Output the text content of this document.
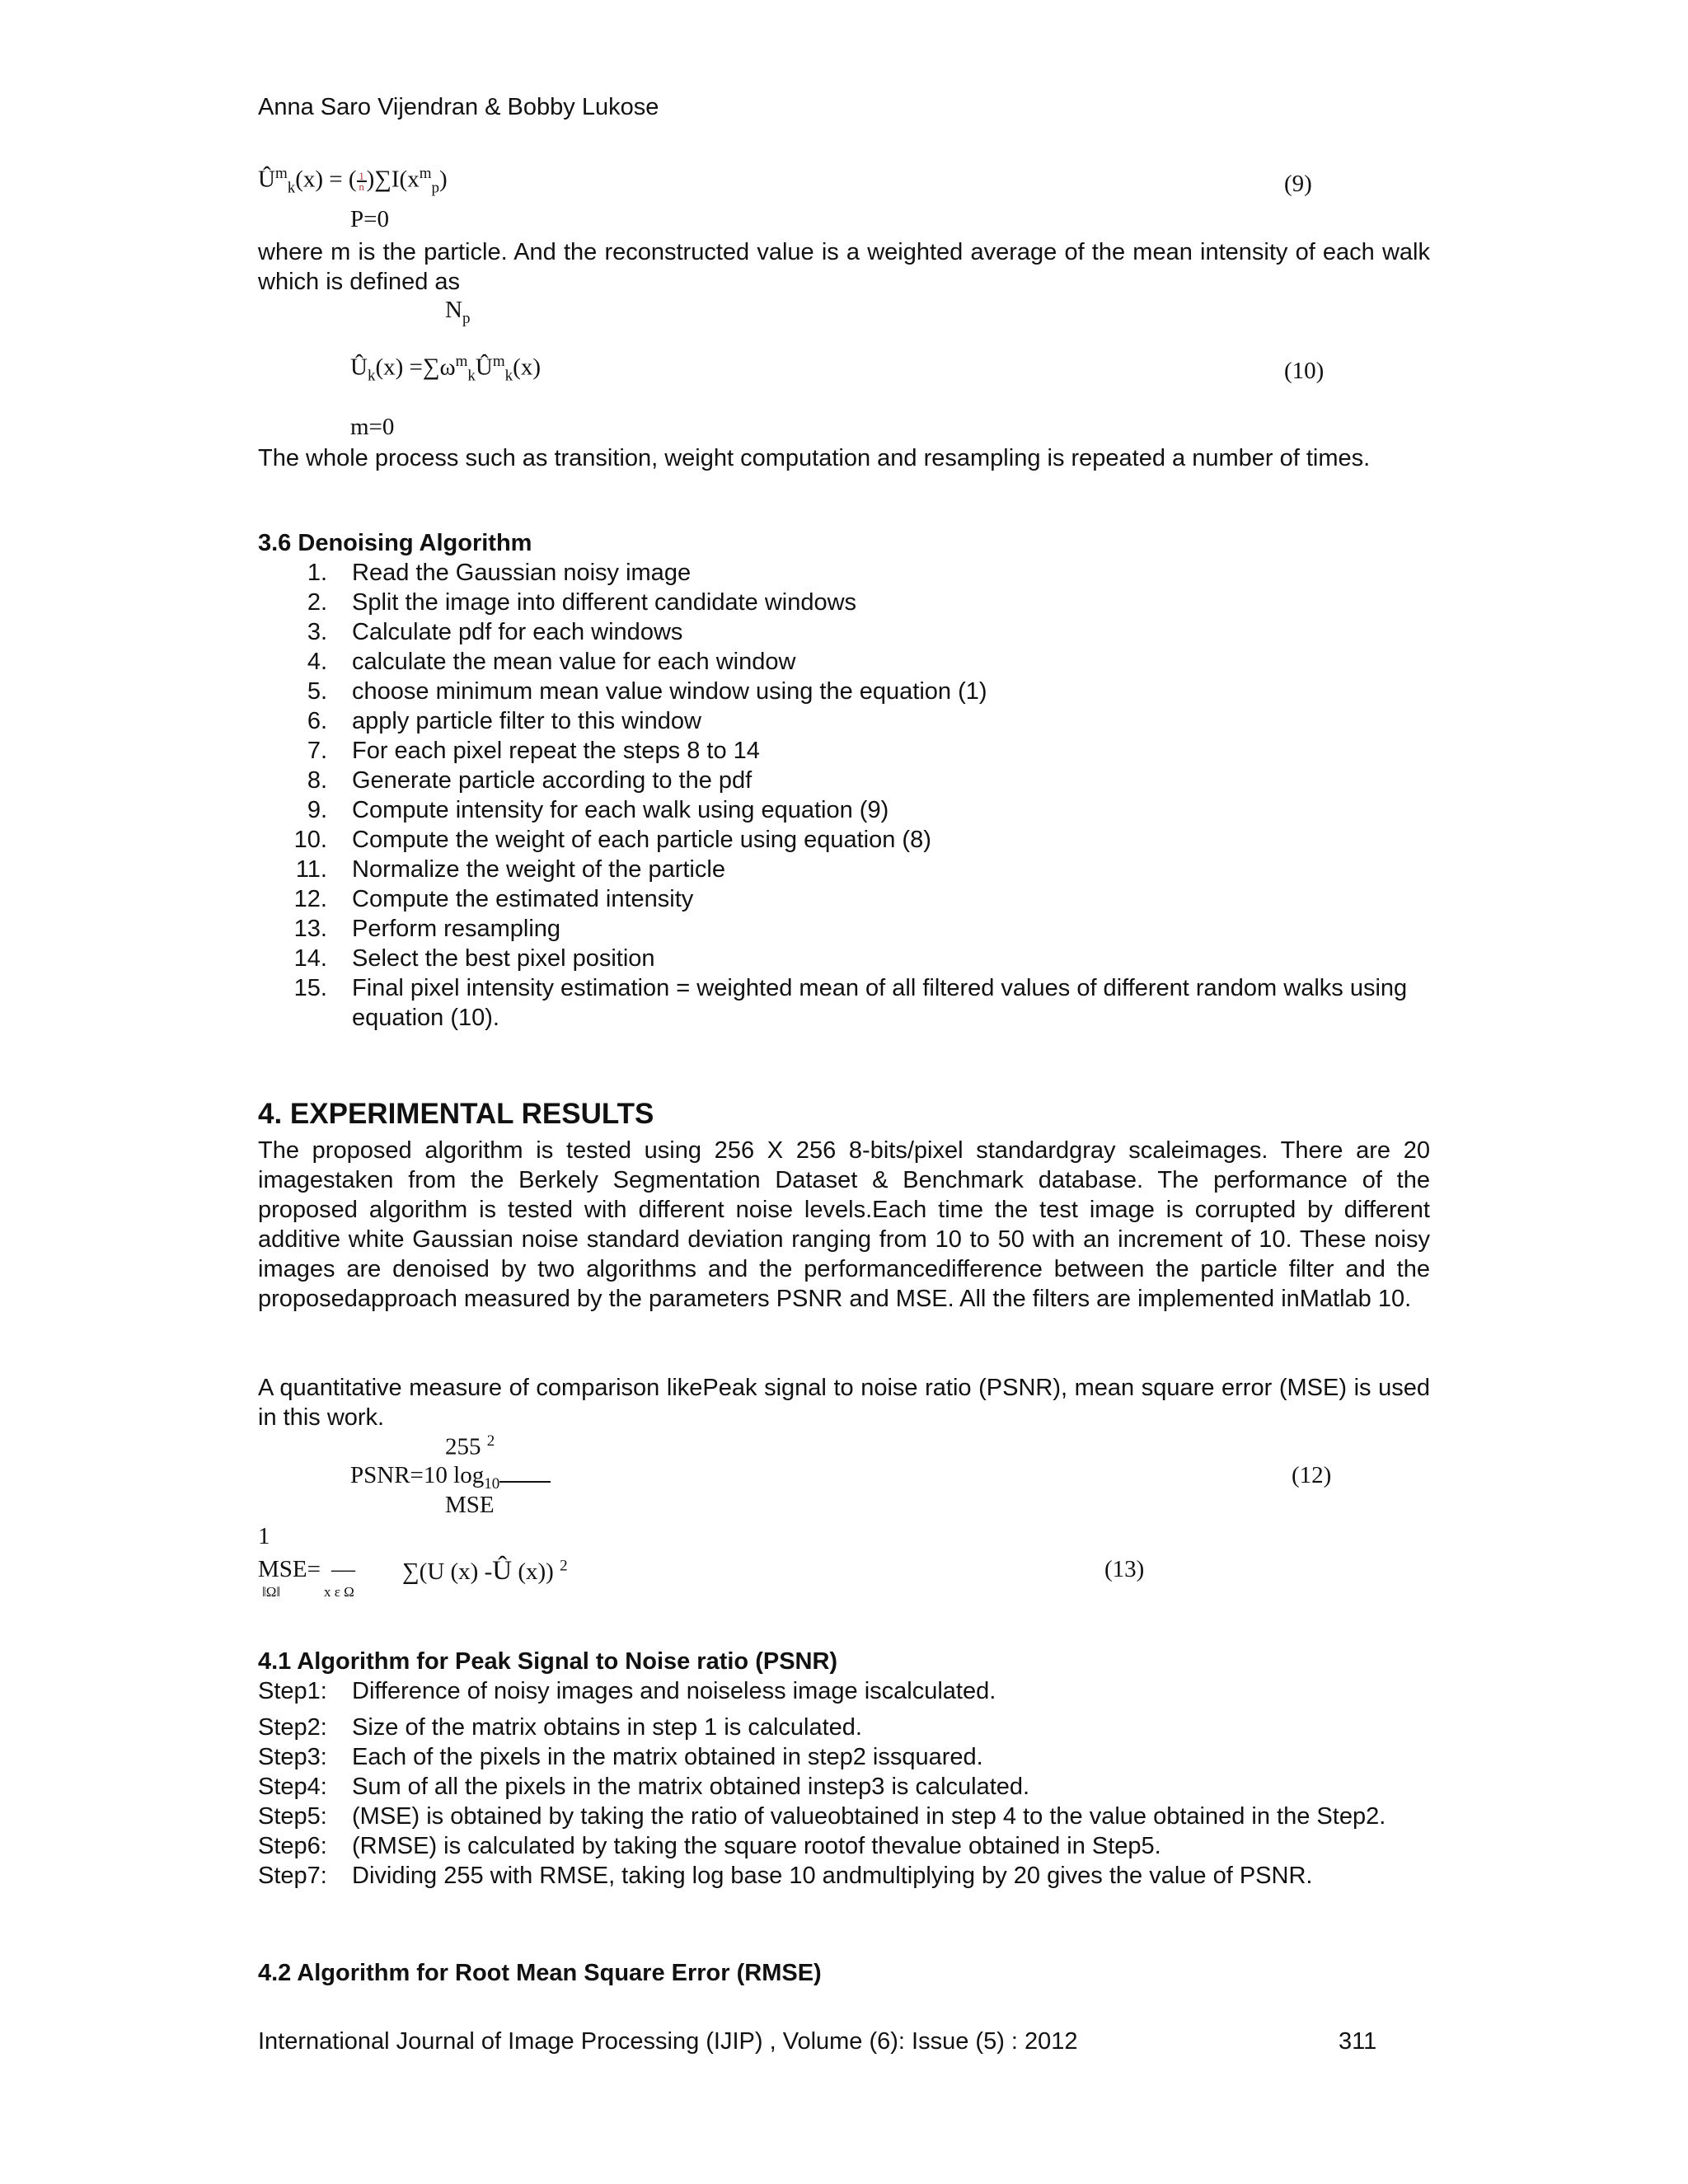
Anna Saro Vijendran & Bobby Lukose
$Û^m_k(x) = (\frac{1}{n})\sum I(x^m_p)$
P=0
(9)
where m is the particle. And the reconstructed value is a weighted average of the mean intensity of each walk which is defined as
$N_p$
$Û_k(x)$ $=\sum\omega^m_kÛ^m_k(x)$	(10)
m=0
The whole process such as transition, weight computation and resampling is repeated a number of times.
3.6 Denoising Algorithm
1. Read the Gaussian noisy image
2. Split the image into different candidate windows
3. Calculate pdf for each windows
4. calculate the mean value for each window
5. choose minimum mean value window using the equation (1)
6. apply particle filter to this window
7. For each pixel repeat the steps 8 to 14
8. Generate particle according to the pdf
9. Compute intensity for each walk using equation (9)
10. Compute the weight of each particle using equation (8)
11. Normalize the weight of the particle
12. Compute the estimated intensity
13. Perform resampling
14. Select the best pixel position
15. Final pixel intensity estimation = weighted mean of all filtered values of different random walks using equation (10).
4. EXPERIMENTAL RESULTS
The proposed algorithm is tested using 256 X 256 8-bits/pixel standardgray scaleimages. There are 20 imagestaken from the Berkely Segmentation Dataset & Benchmark database. The performance of the proposed algorithm is tested with different noise levels.Each time the test image is corrupted by different additive white Gaussian noise standard deviation ranging from 10 to 50 with an increment of 10. These noisy images are denoised by two algorithms and the performancedifference between the particle filter and the proposedapproach measured by the parameters PSNR and MSE. All the filters are implemented inMatlab 10.
A quantitative measure of comparison likePeak signal to noise ratio (PSNR), mean square error (MSE) is used in this work.
255 $^2$
PSNR=10 $\log_{10}$
MSE
(12)
1
MSE= — ∑(U (x) -Û (x)) $^2$
‖Ω‖	x ε Ω
(13)
4.1 Algorithm for Peak Signal to Noise ratio (PSNR)
Step1: Difference of noisy images and noiseless image iscalculated.
Step2: Size of the matrix obtains in step 1 is calculated.
Step3: Each of the pixels in the matrix obtained in step2 issquared.
Step4: Sum of all the pixels in the matrix obtained instep3 is calculated.
Step5: (MSE) is obtained by taking the ratio of valueobtained in step 4 to the value obtained in the Step2.
Step6: (RMSE) is calculated by taking the square rootof thevalue obtained in Step5.
Step7: Dividing 255 with RMSE, taking log base 10 andmultiplying by 20 gives the value of PSNR.
4.2 Algorithm for Root Mean Square Error (RMSE)
International Journal of Image Processing (IJIP) , Volume (6): Issue (5) : 2012	311
